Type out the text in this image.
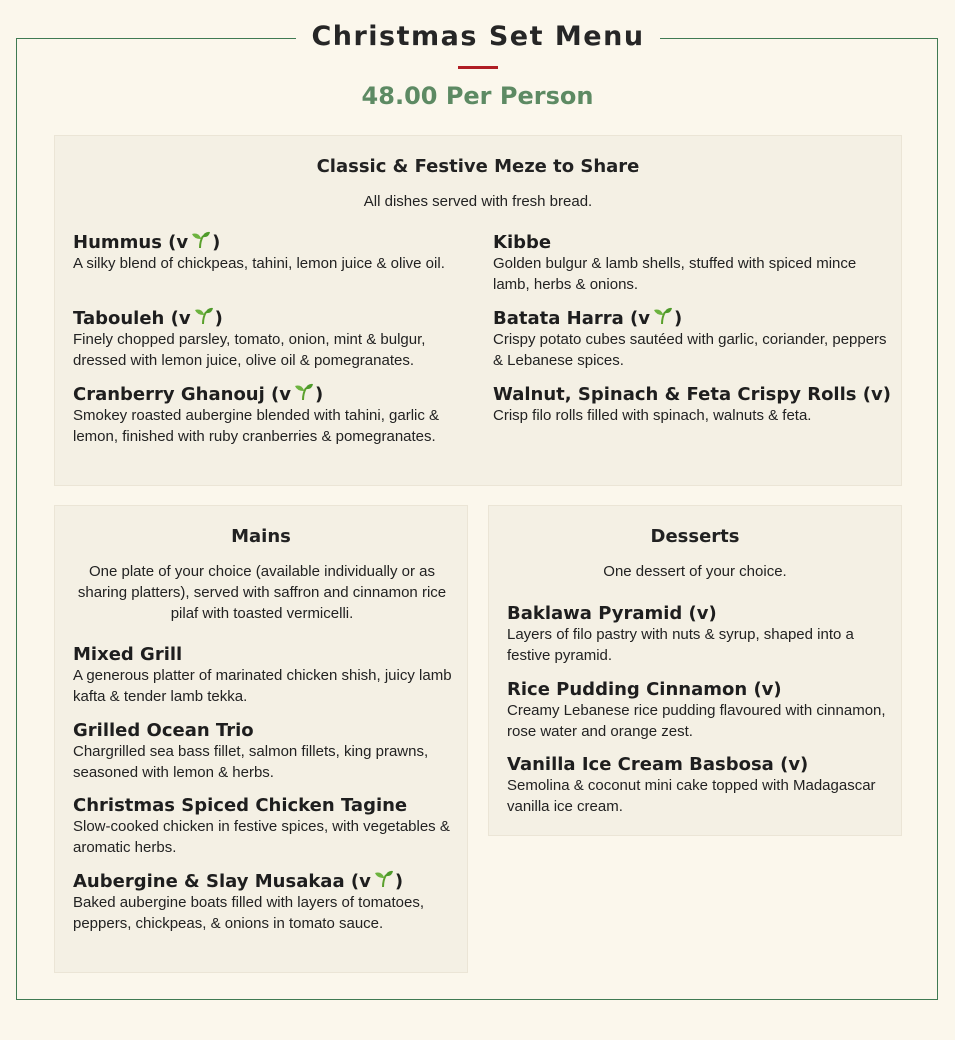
Christmas Set Menu
48.00 Per Person
Classic & Festive Meze to Share
All dishes served with fresh bread.
Hummus (v )
A silky blend of chickpeas, tahini, lemon juice & olive oil.
Kibbe
Golden bulgur & lamb shells, stuffed with spiced mince lamb, herbs & onions.
Tabouleh (v )
Finely chopped parsley, tomato, onion, mint & bulgur, dressed with lemon juice, olive oil & pomegranates.
Batata Harra (v )
Crispy potato cubes sautéed with garlic, coriander, peppers & Lebanese spices.
Cranberry Ghanouj (v )
Smokey roasted aubergine blended with tahini, garlic & lemon, finished with ruby cranberries & pomegranates.
Walnut, Spinach & Feta Crispy Rolls (v)
Crisp filo rolls filled with spinach, walnuts & feta.
Mains
One plate of your choice (available individually or as sharing platters), served with saffron and cinnamon rice pilaf with toasted vermicelli.
Mixed Grill
A generous platter of marinated chicken shish, juicy lamb kafta & tender lamb tekka.
Grilled Ocean Trio
Chargrilled sea bass fillet, salmon fillets, king prawns, seasoned with lemon & herbs.
Christmas Spiced Chicken Tagine
Slow-cooked chicken in festive spices, with vegetables & aromatic herbs.
Aubergine & Slay Musakaa (v )
Baked aubergine boats filled with layers of tomatoes, peppers, chickpeas, & onions in tomato sauce.
Desserts
One dessert of your choice.
Baklawa Pyramid (v)
Layers of filo pastry with nuts & syrup, shaped into a festive pyramid.
Rice Pudding Cinnamon (v)
Creamy Lebanese rice pudding flavoured with cinnamon, rose water and orange zest.
Vanilla Ice Cream Basbosa (v)
Semolina & coconut mini cake topped with Madagascar vanilla ice cream.
